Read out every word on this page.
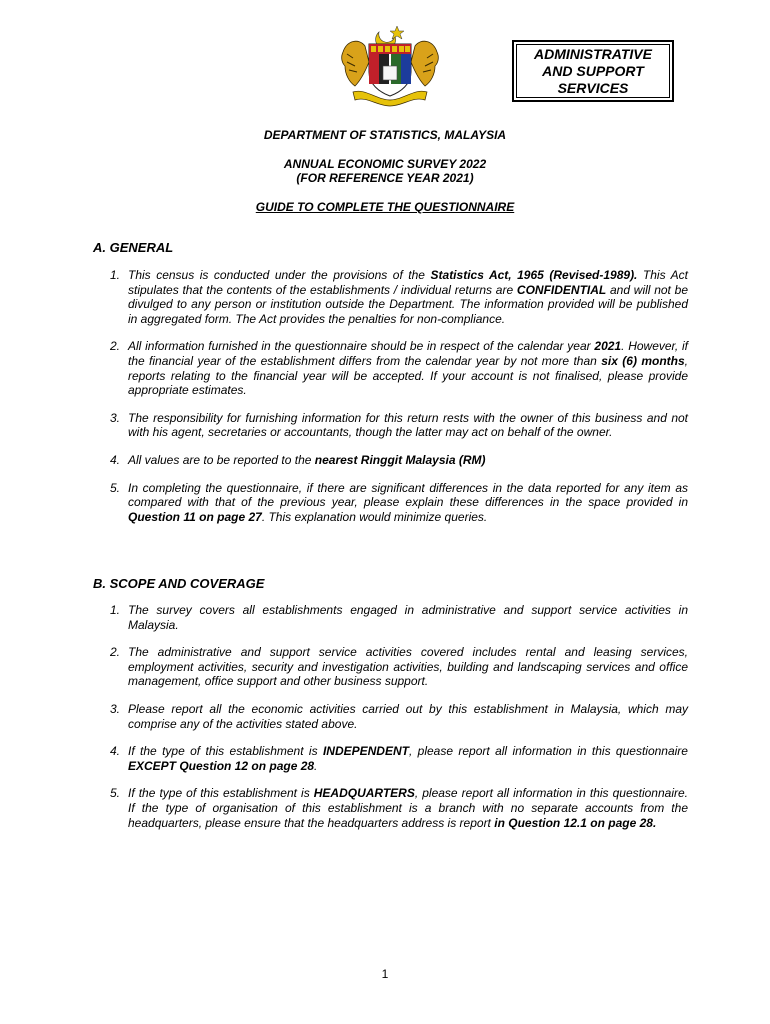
ADMINISTRATIVE
AND SUPPORT
SERVICES
DEPARTMENT OF STATISTICS, MALAYSIA
ANNUAL ECONOMIC SURVEY 2022
(FOR REFERENCE YEAR 2021)
GUIDE TO COMPLETE THE QUESTIONNAIRE
A. GENERAL
1. This census is conducted under the provisions of the Statistics Act, 1965 (Revised-1989). This Act stipulates that the contents of the establishments / individual returns are CONFIDENTIAL and will not be divulged to any person or institution outside the Department. The information provided will be published in aggregated form. The Act provides the penalties for non-compliance.
2. All information furnished in the questionnaire should be in respect of the calendar year 2021. However, if the financial year of the establishment differs from the calendar year by not more than six (6) months, reports relating to the financial year will be accepted. If your account is not finalised, please provide appropriate estimates.
3. The responsibility for furnishing information for this return rests with the owner of this business and not with his agent, secretaries or accountants, though the latter may act on behalf of the owner.
4. All values are to be reported to the nearest Ringgit Malaysia (RM)
5. In completing the questionnaire, if there are significant differences in the data reported for any item as compared with that of the previous year, please explain these differences in the space provided in Question 11 on page 27. This explanation would minimize queries.
B. SCOPE AND COVERAGE
1. The survey covers all establishments engaged in administrative and support service activities in Malaysia.
2. The administrative and support service activities covered includes rental and leasing services, employment activities, security and investigation activities, building and landscaping services and office management, office support and other business support.
3. Please report all the economic activities carried out by this establishment in Malaysia, which may comprise any of the activities stated above.
4. If the type of this establishment is INDEPENDENT, please report all information in this questionnaire EXCEPT Question 12 on page 28.
5. If the type of this establishment is HEADQUARTERS, please report all information in this questionnaire. If the type of organisation of this establishment is a branch with no separate accounts from the headquarters, please ensure that the headquarters address is report in Question 12.1 on page 28.
1
